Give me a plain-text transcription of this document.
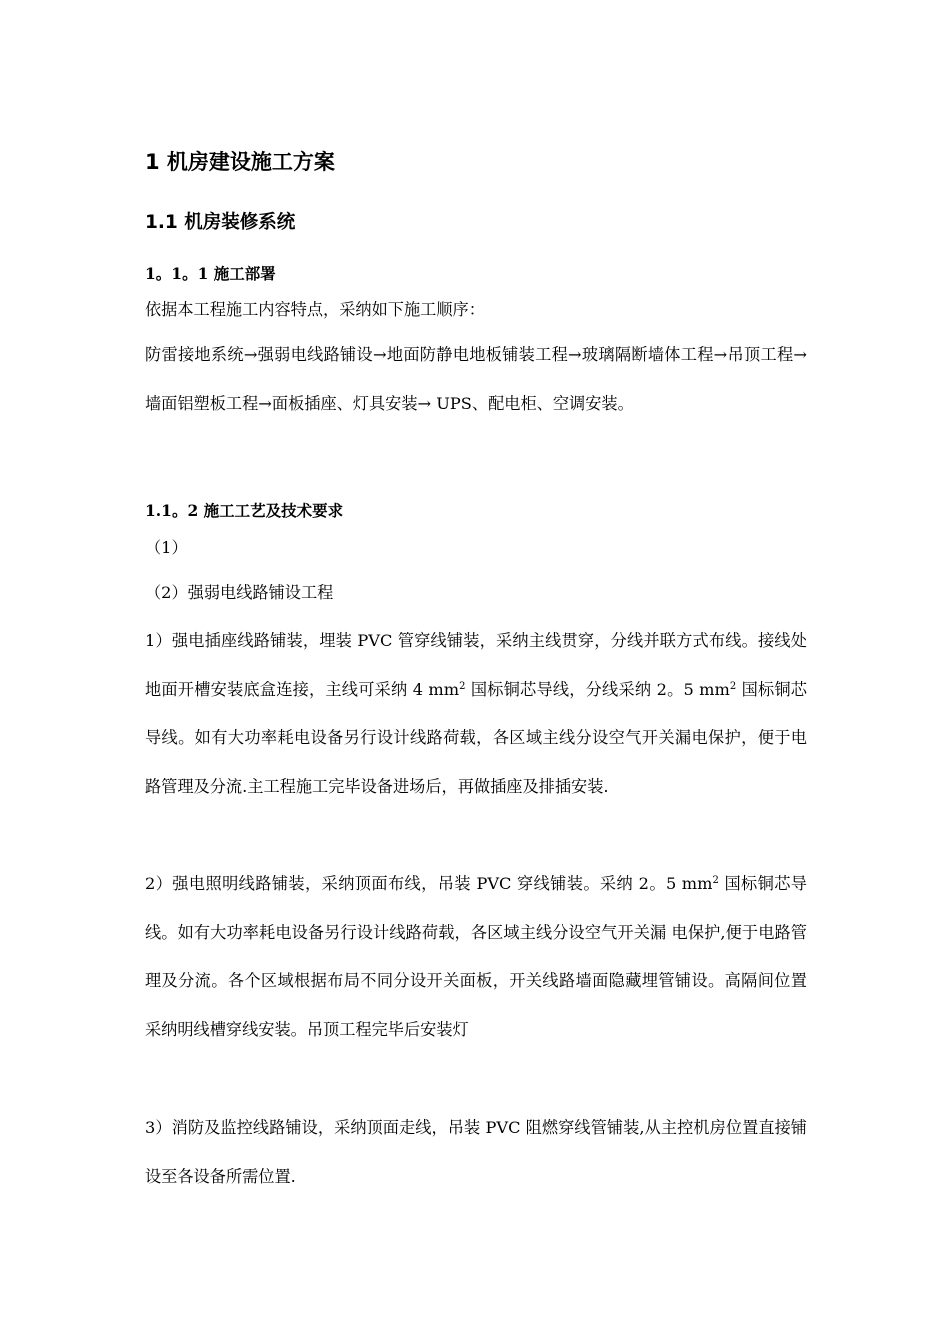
1 机房建设施工方案
1.1 机房装修系统
1。1。1 施工部署
依据本工程施工内容特点，采纳如下施工顺序：
防雷接地系统→强弱电线路铺设→地面防静电地板铺装工程→玻璃隔断墙体工程→吊顶工程→墙面铝塑板工程→面板插座、灯具安装→ UPS、配电柜、空调安装。
1.1。2 施工工艺及技术要求
（1）
（2）强弱电线路铺设工程
1）强电插座线路铺装，埋装 PVC 管穿线铺装，采纳主线贯穿，分线并联方式布线。接线处地面开槽安装底盒连接，主线可采纳 4 $mm^2$ 国标铜芯导线，分线采纳 2。5 $mm^2$ 国标铜芯导线。如有大功率耗电设备另行设计线路荷载，各区域主线分设空气开关漏电保护，便于电路管理及分流.主工程施工完毕设备进场后，再做插座及排插安装.
2）强电照明线路铺装，采纳顶面布线，吊装 PVC 穿线铺装。采纳 2。5 $mm^2$ 国标铜芯导线。如有大功率耗电设备另行设计线路荷载，各区域主线分设空气开关漏 电保护,便于电路管理及分流。各个区域根据布局不同分设开关面板，开关线路墙面隐藏埋管铺设。高隔间位置采纳明线槽穿线安装。吊顶工程完毕后安装灯
3）消防及监控线路铺设，采纳顶面走线，吊装 PVC 阻燃穿线管铺装,从主控机房位置直接铺设至各设备所需位置.
